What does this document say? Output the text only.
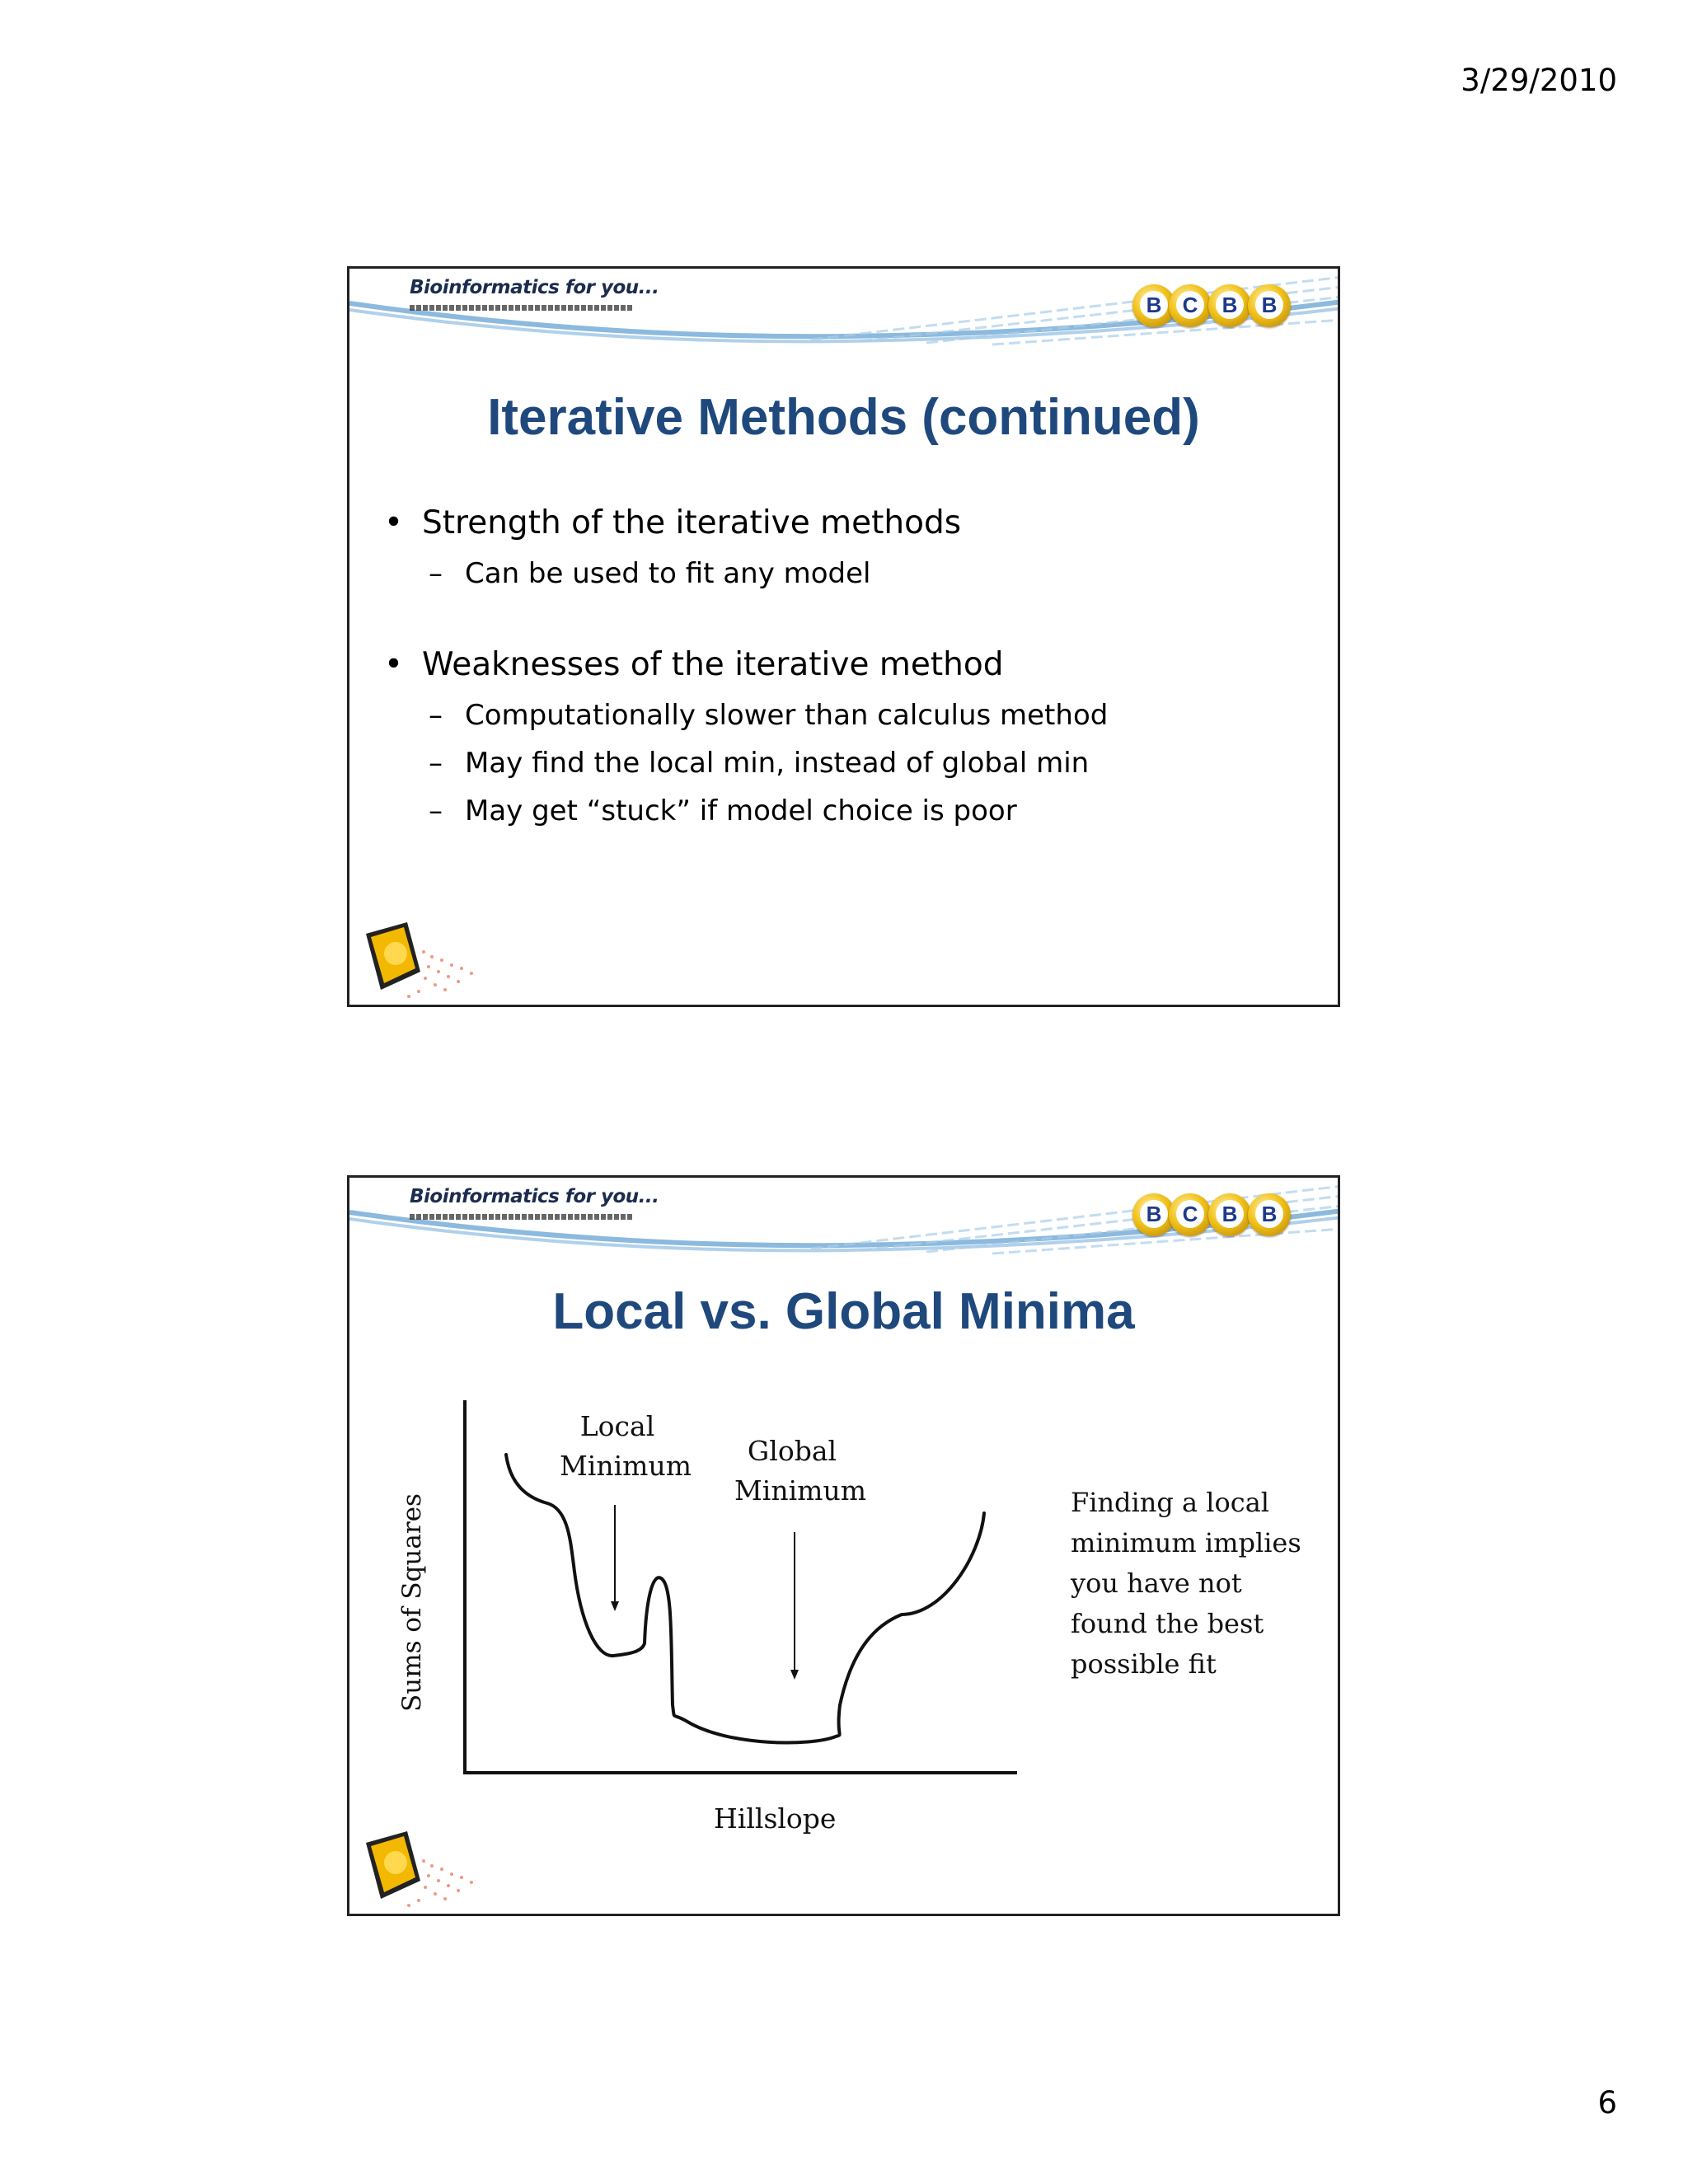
3/29/2010
Bioinformatics for you...
B C B B
Iterative Methods (continued)

• Strength of the iterative methods

– Can be used to fit any model

• Weaknesses of the iterative method

– Computationally slower than calculus method

– May find the local min, instead of global min

– May get “stuck” if model choice is poor

Bioinformatics for you...
B C B B
Local vs. Global Minima
Local
Minimum	Global
Minimum
Sums of Squares
Hillslope
Finding a local
minimum implies
you have not
found the best
possible fit
6
